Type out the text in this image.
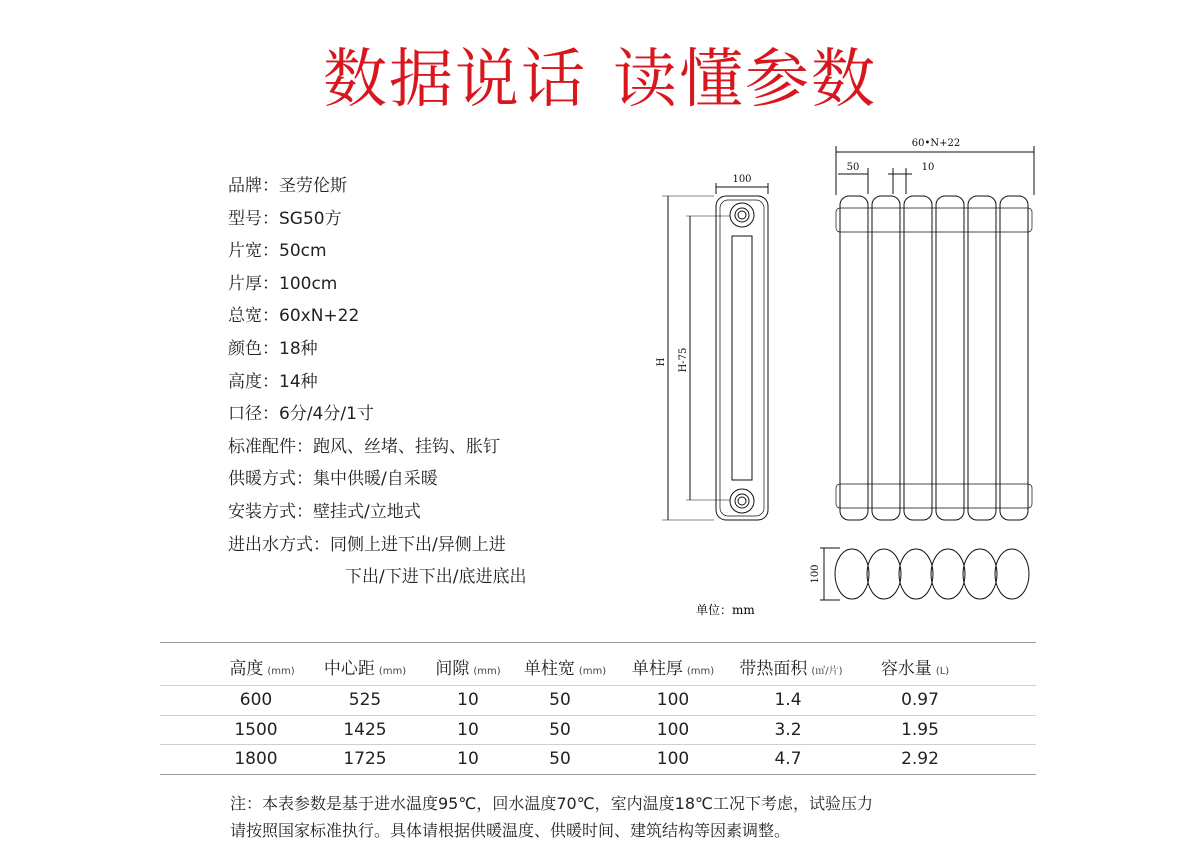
数据说话 读懂参数
品牌：圣劳伦斯
型号：SG50方
片宽：50cm
片厚：100cm
总宽：60xN+22
颜色：18种
高度：14种
口径：6分/4分/1寸
标准配件：跑风、丝堵、挂钩、胀钉
供暖方式：集中供暖/自采暖
安装方式：壁挂式/立地式
进出水方式：同侧上进下出/异侧上进
下出/下进下出/底进底出
100
H H-75
60•N+22
50	10
100
单位：mm
高度 (mm)	中心距 (mm)	间隙 (mm)	单柱宽 (mm)	单柱厚 (mm)	带热面积 (㎡/片)	容水量 (L)
600	525	10	50	100	1.4	0.97
1500	1425	10	50	100	3.2	1.95
1800	1725	10	50	100	4.7	2.92
注：本表参数是基于进水温度95℃，回水温度70℃，室内温度18℃工况下考虑，试验压力
请按照国家标准执行。具体请根据供暖温度、供暖时间、建筑结构等因素调整。
